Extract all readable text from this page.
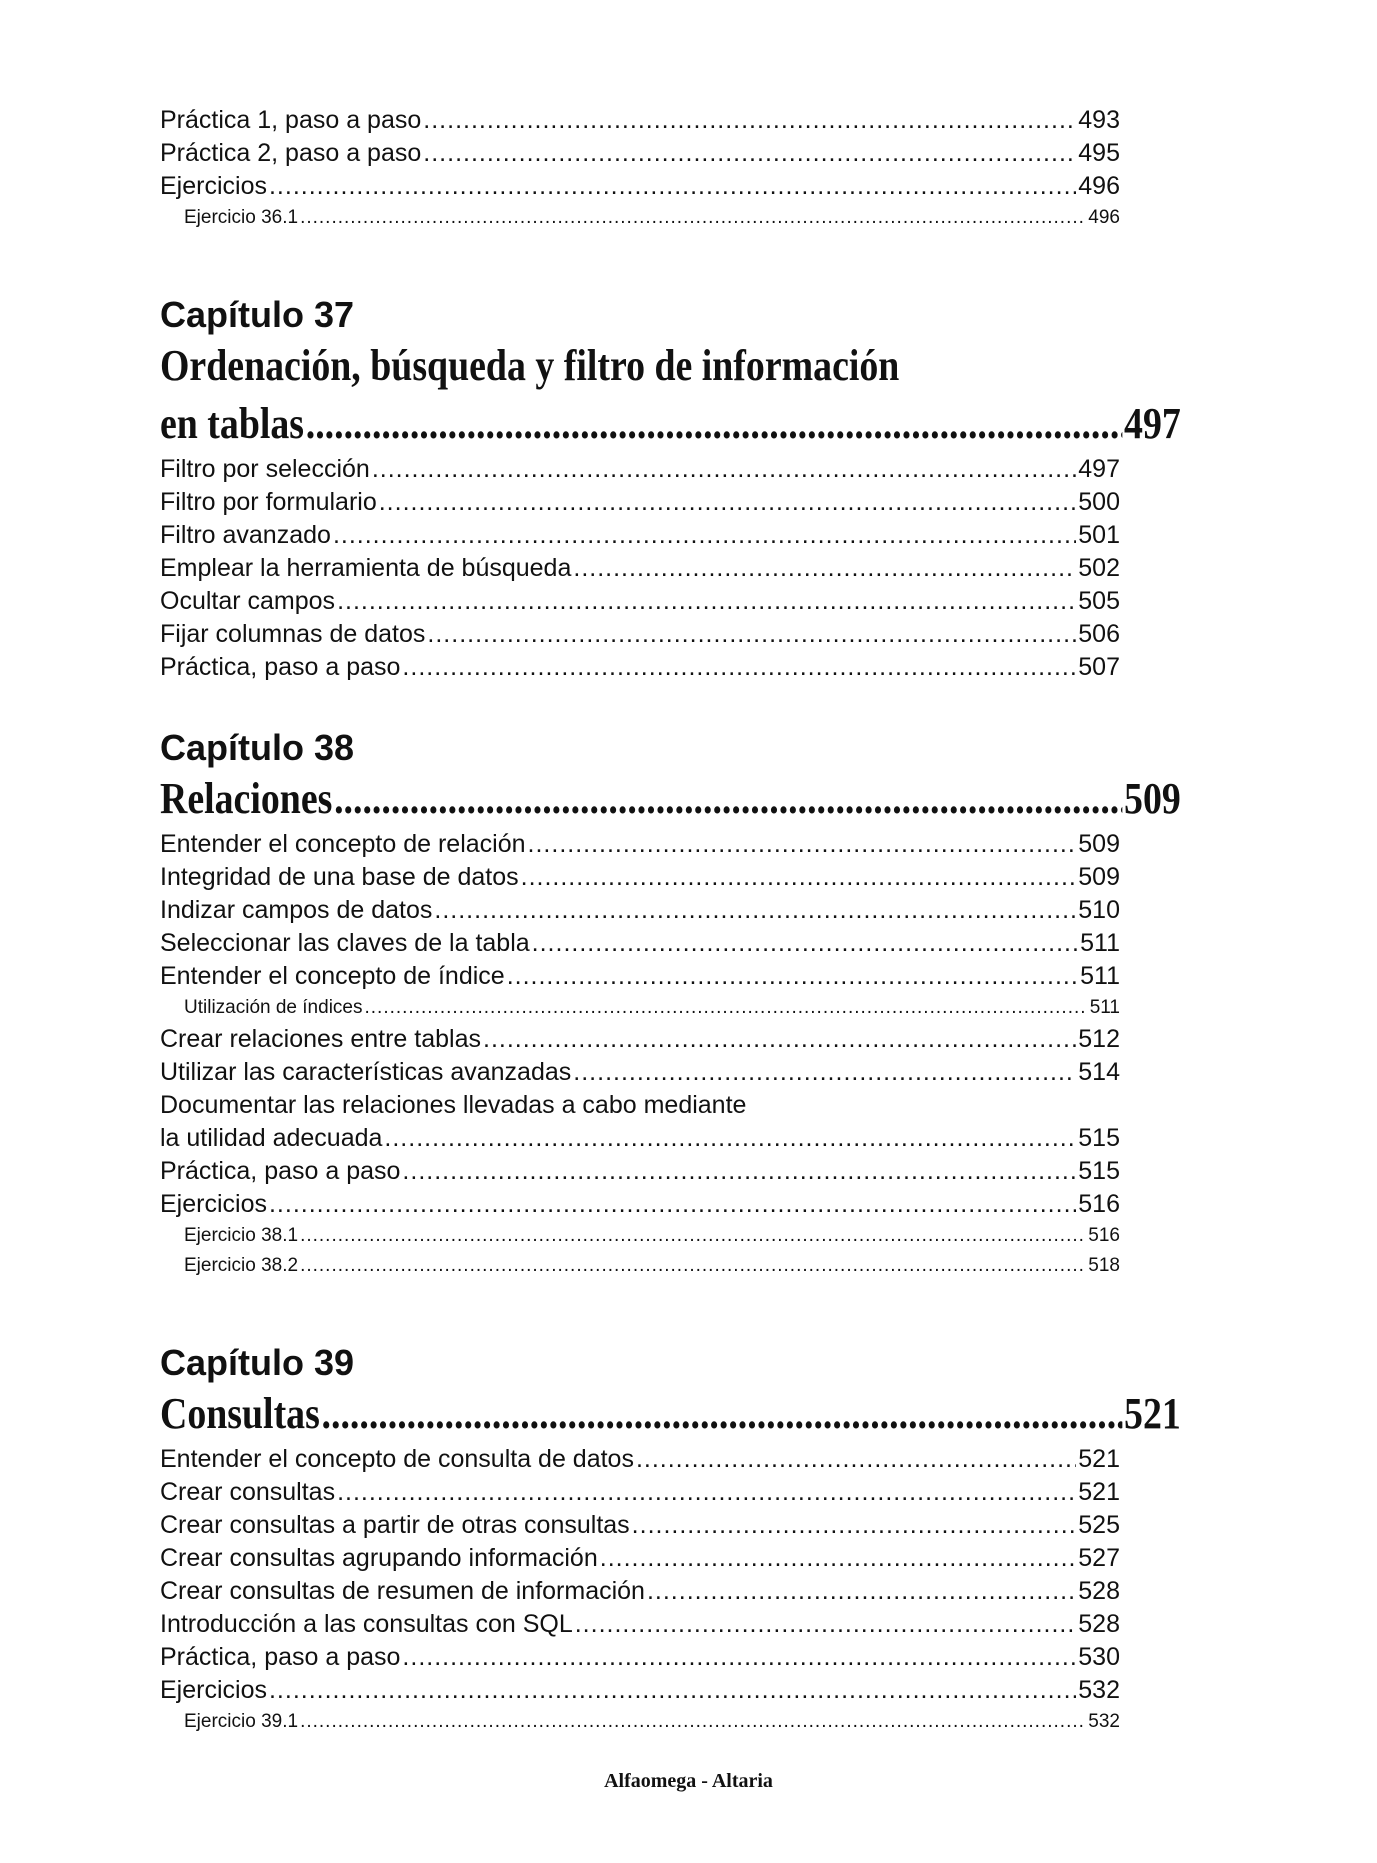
Práctica 1, paso a paso .....	493
Práctica 2, paso a paso .....	495
Ejercicios .....	496
Ejercicio 36.1 .....	496
Capítulo 37
Ordenación, búsqueda y filtro de información
en tablas .....	497
Filtro por selección .....	497
Filtro por formulario .....	500
Filtro avanzado .....	501
Emplear la herramienta de búsqueda .....	502
Ocultar campos .....	505
Fijar columnas de datos .....	506
Práctica, paso a paso .....	507
Capítulo 38
Relaciones .....	509
Entender el concepto de relación .....	509
Integridad de una base de datos .....	509
Indizar campos de datos .....	510
Seleccionar las claves de la tabla .....	511
Entender el concepto de índice .....	511
Utilización de índices .....	511
Crear relaciones entre tablas .....	512
Utilizar las características avanzadas .....	514
Documentar las relaciones llevadas a cabo mediante
la utilidad adecuada .....	515
Práctica, paso a paso .....	515
Ejercicios .....	516
Ejercicio 38.1 .....	516
Ejercicio 38.2 .....	518
Capítulo 39
Consultas .....	521
Entender el concepto de consulta de datos .....	521
Crear consultas .....	521
Crear consultas a partir de otras consultas .....	525
Crear consultas agrupando información .....	527
Crear consultas de resumen de información .....	528
Introducción a las consultas con SQL .....	528
Práctica, paso a paso .....	530
Ejercicios .....	532
Ejercicio 39.1 .....	532
Alfaomega - Altaria
